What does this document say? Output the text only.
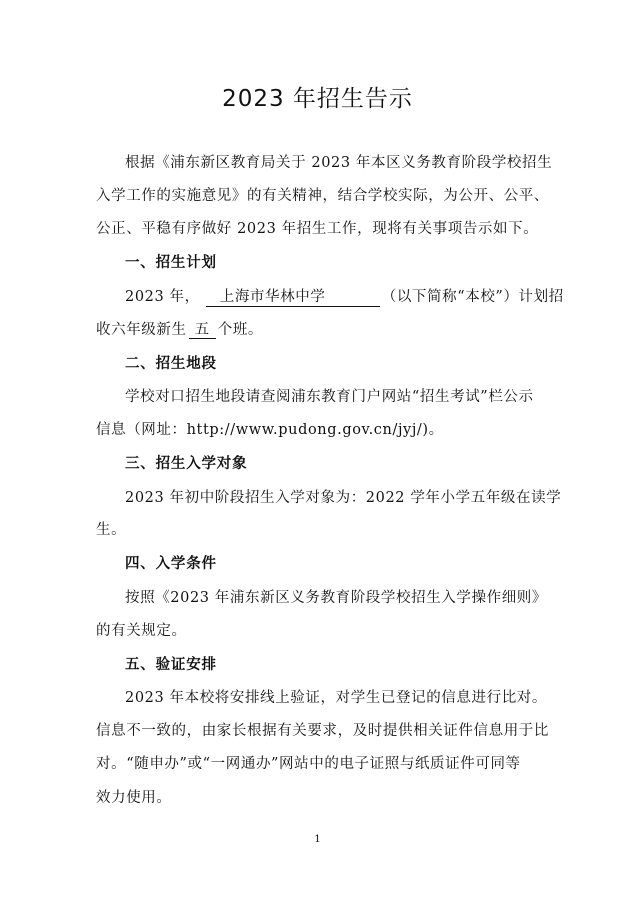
2023 年招生告示
根据《浦东新区教育局关于 2023 年本区义务教育阶段学校招生
入学工作的实施意见》的有关精神，结合学校实际，为公开、公平、
公正、平稳有序做好 2023 年招生工作，现将有关事项告示如下。
一、招生计划
2023 年， 上海市华林中学	（以下简称“本校”）计划招
收六年级新生 五 个班。
二、招生地段
学校对口招生地段请查阅浦东教育门户网站“招生考试”栏公示
信息（网址：http://www.pudong.gov.cn/jyj/)。
三、招生入学对象
2023 年初中阶段招生入学对象为：2022 学年小学五年级在读学
生。
四、入学条件
按照《2023 年浦东新区义务教育阶段学校招生入学操作细则》
的有关规定。
五、验证安排
2023 年本校将安排线上验证，对学生已登记的信息进行比对。
信息不一致的，由家长根据有关要求，及时提供相关证件信息用于比
对。“随申办”或“一网通办”网站中的电子证照与纸质证件可同等
效力使用。
1
